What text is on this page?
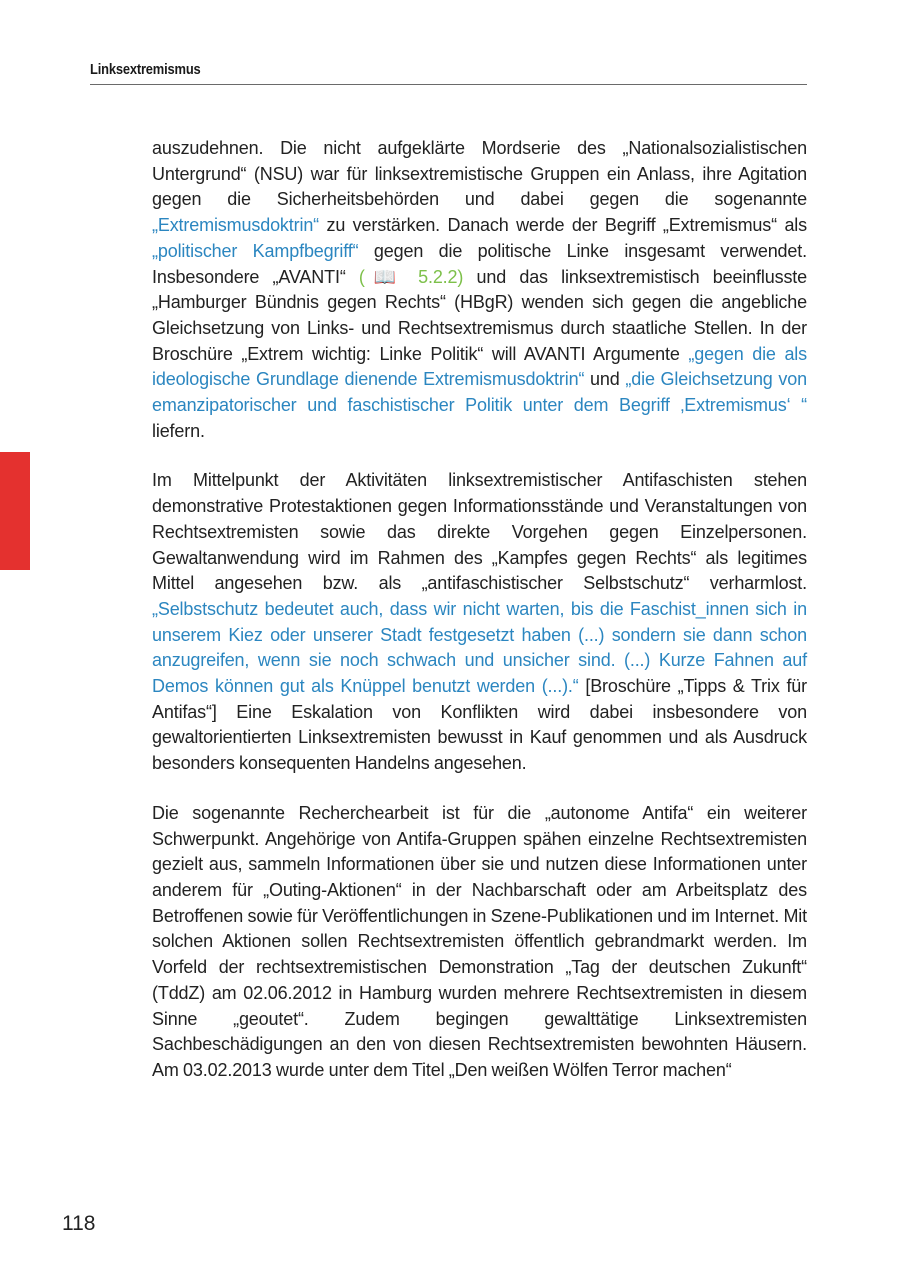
Linksextremismus

auszudehnen. Die nicht aufgeklärte Mordserie des „Nationalsozialistischen Untergrund“ (NSU) war für linksextremistische Gruppen ein Anlass, ihre Agitation gegen die Sicherheitsbehörden und dabei gegen die sogenannte „Extremismusdoktrin“ zu verstärken. Danach werde der Begriff „Extremismus“ als „politischer Kampfbegriff“ gegen die politische Linke insgesamt verwendet. Insbesondere „AVANTI“ (📖 5.2.2) und das linksextremistisch beeinflusste „Hamburger Bündnis gegen Rechts“ (HBgR) wenden sich gegen die angebliche Gleichsetzung von Links- und Rechtsextremismus durch staatliche Stellen. In der Broschüre „Extrem wichtig: Linke Politik“ will AVANTI Argumente „gegen die als ideologische Grundlage dienende Extremismusdoktrin“ und „die Gleichsetzung von emanzipatorischer und faschistischer Politik unter dem Begriff ‚Extremismus‘ “ liefern.

Im Mittelpunkt der Aktivitäten linksextremistischer Antifaschisten stehen demonstrative Protestaktionen gegen Informationsstände und Veranstaltungen von Rechtsextremisten sowie das direkte Vorgehen gegen Einzelpersonen. Gewaltanwendung wird im Rahmen des „Kampfes gegen Rechts“ als legitimes Mittel angesehen bzw. als „antifaschistischer Selbstschutz“ verharmlost. „Selbstschutz bedeutet auch, dass wir nicht warten, bis die Faschist_innen sich in unserem Kiez oder unserer Stadt festgesetzt haben (...) sondern sie dann schon anzugreifen, wenn sie noch schwach und unsicher sind. (...) Kurze Fahnen auf Demos können gut als Knüppel benutzt werden (...).“ [Broschüre „Tipps & Trix für Antifas“] Eine Eskalation von Konflikten wird dabei insbesondere von gewaltorientierten Linksextremisten bewusst in Kauf genommen und als Ausdruck besonders konsequenten Handelns angesehen.

Die sogenannte Recherchearbeit ist für die „autonome Antifa“ ein weiterer Schwerpunkt. Angehörige von Antifa-Gruppen spähen einzelne Rechtsextremisten gezielt aus, sammeln Informationen über sie und nutzen diese Informationen unter anderem für „Outing-Aktionen“ in der Nachbarschaft oder am Arbeitsplatz des Betroffenen sowie für Veröffentlichungen in Szene-Publikationen und im Internet. Mit solchen Aktionen sollen Rechtsextremisten öffentlich gebrandmarkt werden. Im Vorfeld der rechtsextremistischen Demonstration „Tag der deutschen Zukunft“ (TddZ) am 02.06.2012 in Hamburg wurden mehrere Rechtsextremisten in diesem Sinne „geoutet“. Zudem begingen gewalttätige Linksextremisten Sachbeschädigungen an den von diesen Rechtsextremisten bewohnten Häusern. Am 03.02.2013 wurde unter dem Titel „Den weißen Wölfen Terror machen“

118
